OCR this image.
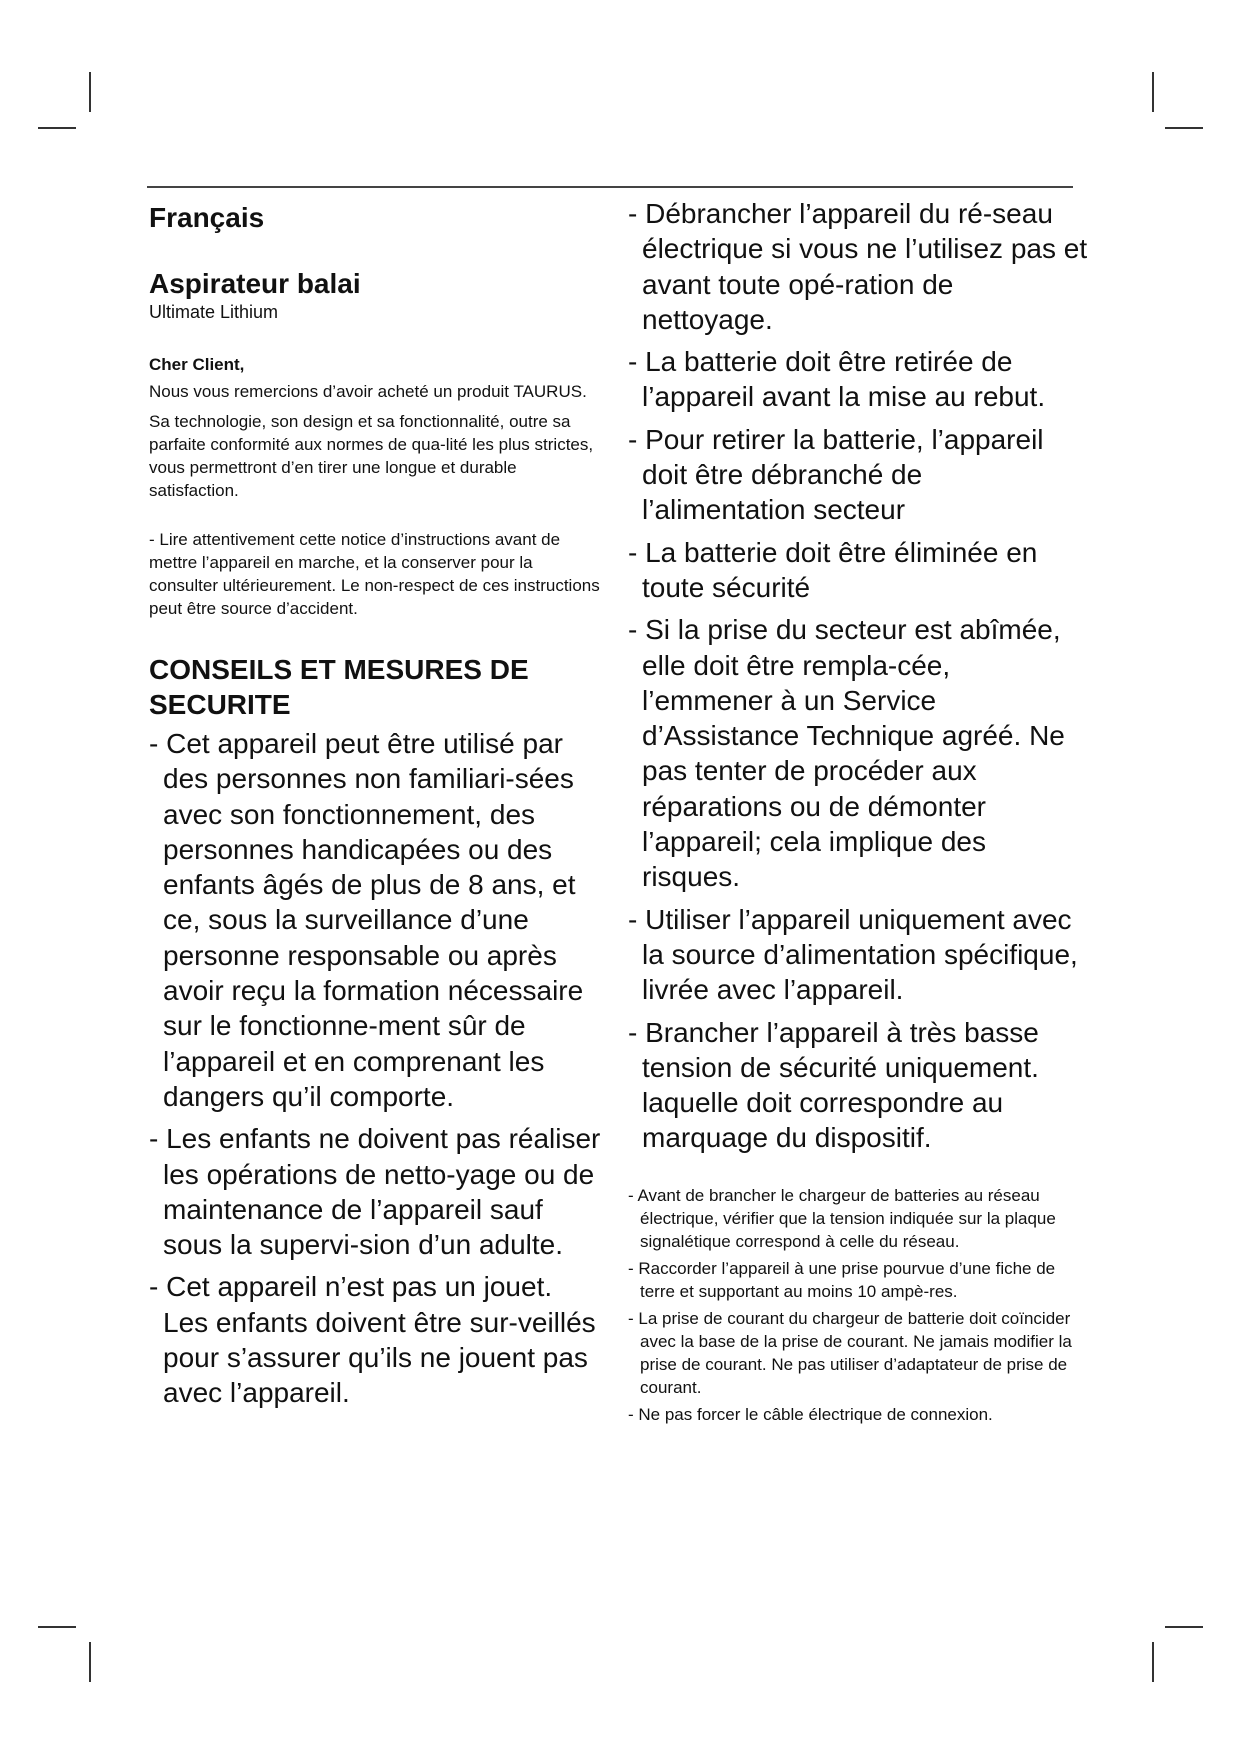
Français
Aspirateur balai

Ultimate Lithium

Cher Client,

Nous vous remercions d’avoir acheté un produit TAURUS.

Sa technologie, son design et sa fonctionnalité, outre sa parfaite conformité aux normes de qua-lité les plus strictes, vous permettront d’en tirer une longue et durable satisfaction.

- Lire attentivement cette notice d’instructions avant de mettre l’appareil en marche, et la conserver pour la consulter ultérieurement. Le non-respect de ces instructions peut être source d’accident.

CONSEILS ET MESURES DE SECURITE
- Cet appareil peut être utilisé par des personnes non familiari-sées avec son fonctionnement, des personnes handicapées ou des enfants âgés de plus de 8 ans, et ce, sous la surveillance d’une personne responsable ou après avoir reçu la formation nécessaire sur le fonctionne-ment sûr de l’appareil et en comprenant les dangers qu’il comporte.
- Les enfants ne doivent pas réaliser les opérations de netto-yage ou de maintenance de l’appareil sauf sous la supervi-sion d’un adulte.
- Cet appareil n’est pas un jouet. Les enfants doivent être sur-veillés pour s’assurer qu’ils ne jouent pas avec l’appareil.
- Débrancher l’appareil du ré-seau électrique si vous ne l’utilisez pas et avant toute opé-ration de nettoyage.
- La batterie doit être retirée de l’appareil avant la mise au rebut.
- Pour retirer la batterie, l’appareil doit être débranché de l’alimentation secteur
- La batterie doit être éliminée en toute sécurité
- Si la prise du secteur est abîmée, elle doit être rempla-cée, l’emmener à un Service d’Assistance Technique agréé. Ne pas tenter de procéder aux réparations ou de démonter l’appareil; cela implique des risques.
- Utiliser l’appareil uniquement avec la source d’alimentation spécifique, livrée avec l’appareil.
- Brancher l’appareil à très basse tension de sécurité uniquement. laquelle doit correspondre au marquage du dispositif.
- Avant de brancher le chargeur de batteries au réseau électrique, vérifier que la tension indiquée sur la plaque signalétique correspond à celle du réseau.
- Raccorder l’appareil à une prise pourvue d’une fiche de terre et supportant au moins 10 ampè-res.
- La prise de courant du chargeur de batterie doit coïncider avec la base de la prise de courant. Ne jamais modifier la prise de courant. Ne pas utiliser d’adaptateur de prise de courant.
- Ne pas forcer le câble électrique de connexion.
